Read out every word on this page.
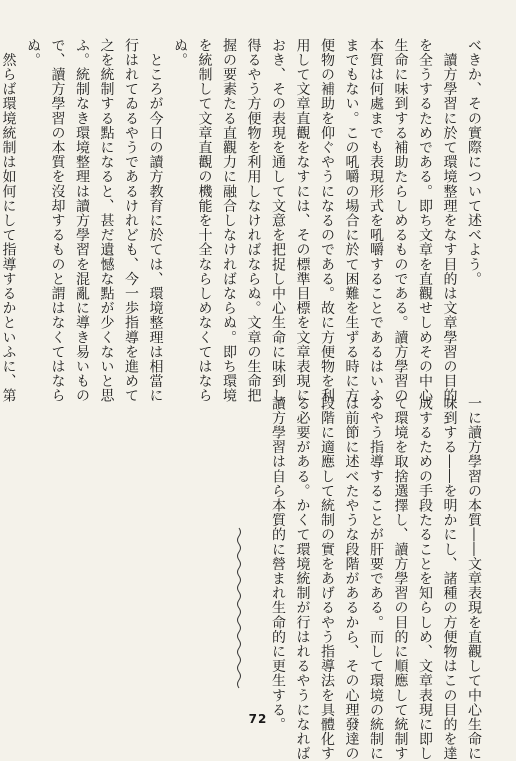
べきか、その實際について述べよう。

　讀方學習に於て環境整理をなす目的は文章學習の目的

を全うするためである。即ち文章を直觀せしめその中心

生命に味到する補助たらしめるものである。讀方學習の

本質は何處までも表現形式を吼嚼することであるはいふ

までもない。この吼嚼の場合に於て困難を生ずる時に方

便物の補助を仰ぐやうになるのである。故に方便物を利

用して文章直觀をなすには、その標準目標を文章表現に

おき、その表現を通して文意を把捉し中心生命に味到し

得るやう方便物を利用しなければならぬ。文章の生命把

握の要素たる直觀力に融合しなければならぬ。即ち環境

を統制して文章直觀の機能を十全ならしめなくてはなら

ぬ。

　ところが今日の讀方教育に於ては、環境整理は相當に

行はれてゐるやうであるけれども、今一歩指導を進めて

之を統制する點になると、甚だ遺憾な點が少くないと思

ふ。統制なき環境整理は讀方學習を混亂に導き易いもの

で、讀方學習の本質を沒却するものと謂はなくてはなら

ぬ。

　然らば環境統制は如何にして指導するかといふに、第

一に讀方學習の本質――文章表現を直觀して中心生命に

味到する――を明かにし、諸種の方便物はこの目的を達

成するための手段たることを知らしめ、文章表現に即し

て環境を取捨選擇し、讀方學習の目的に順應して統制す

るやう指導することが肝要である。而して環境の統制に

は前節に述べたやうな段階があるから、その心理發達の

段階に適應して統制の實をあげるやう指導法を具體化す

る必要がある。かくて環境統制が行はれるやうになれば

讀方學習は自ら本質的に營まれ生命的に更生する。

72
